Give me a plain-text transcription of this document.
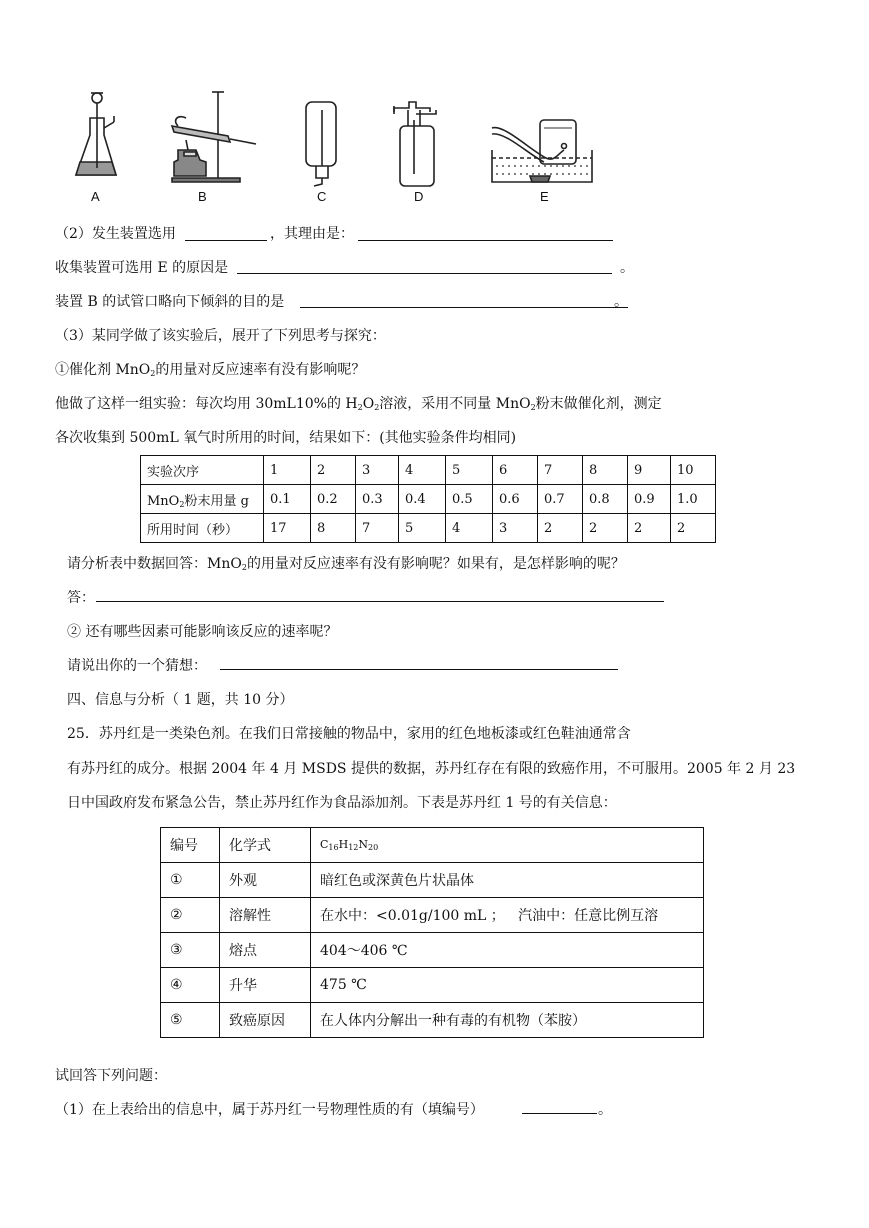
A	B	C	D	E
（2）发生装置选用	，其理由是：
收集装置可选用 E 的原因是	。
装置 B 的试管口略向下倾斜的目的是	。
（3）某同学做了该实验后，展开了下列思考与探究：
①催化剂 MnO$_2$的用量对反应速率有没有影响呢？
他做了这样一组实验：每次均用 30mL10%的 $H_2O_2$溶液，采用不同量 MnO$_2$粉末做催化剂，测定
各次收集到 500mL 氧气时所用的时间，结果如下：(其他实验条件均相同)
实验次序	1	2	3	4	5	6	7	8	9	10
MnO$_2$粉末用量 g	0.1	0.2	0.3	0.4	0.5	0.6	0.7	0.8	0.9	1.0
所用时间（秒）	17	8	7	5	4	3	2	2	2	2
请分析表中数据回答：MnO$_2$的用量对反应速率有没有影响呢？如果有，是怎样影响的呢？
答：
② 还有哪些因素可能影响该反应的速率呢？
请说出你的一个猜想：
四、信息与分析（ 1 题，共 10 分）
25．苏丹红是一类染色剂。在我们日常接触的物品中，家用的红色地板漆或红色鞋油通常含
有苏丹红的成分。根据 2004 年 4 月 MSDS 提供的数据，苏丹红存在有限的致癌作用，不可服用。2005 年 2 月 23
日中国政府发布紧急公告，禁止苏丹红作为食品添加剂。下表是苏丹红 1 号的有关信息：
编号	化学式	$C_{16}H_{12}N_{20}$
①	外观	暗红色或深黄色片状晶体
②	溶解性	在水中：<0.01g/100 mL ；   汽油中：任意比例互溶
③	熔点	404～406 ℃
④	升华	475 ℃
⑤	致癌原因	在人体内分解出一种有毒的有机物（苯胺）
试回答下列问题：
（1）在上表给出的信息中，属于苏丹红一号物理性质的有（填编号）	。
